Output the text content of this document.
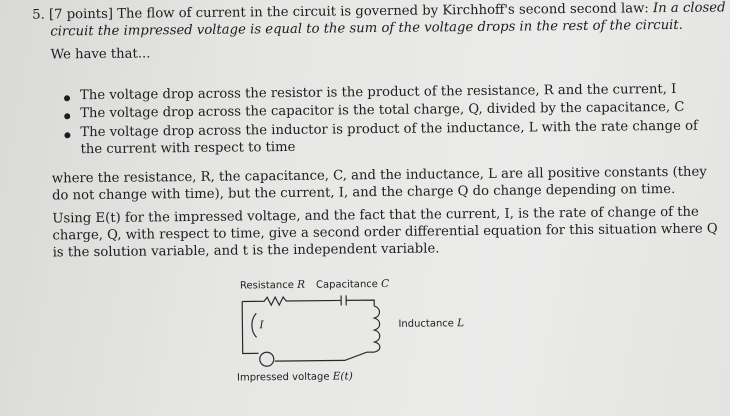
5. [7 points] The flow of current in the circuit is governed by Kirchhoff's second second law: In a closed
circuit the impressed voltage is equal to the sum of the voltage drops in the rest of the circuit.
We have that...
The voltage drop across the resistor is the product of the resistance, R and the current, I
The voltage drop across the capacitor is the total charge, Q, divided by the capacitance, C
The voltage drop across the inductor is product of the inductance, L with the rate change of
the current with respect to time
where the resistance, R, the capacitance, C, and the inductance, L are all positive constants (they
do not change with time), but the current, I, and the charge Q do change depending on time.
Using E(t) for the impressed voltage, and the fact that the current, I, is the rate of change of the
charge, Q, with respect to time, give a second order differential equation for this situation where Q
is the solution variable, and t is the independent variable.
Resistance R Capacitance C
Inductance L
I
Impressed voltage E(t)
